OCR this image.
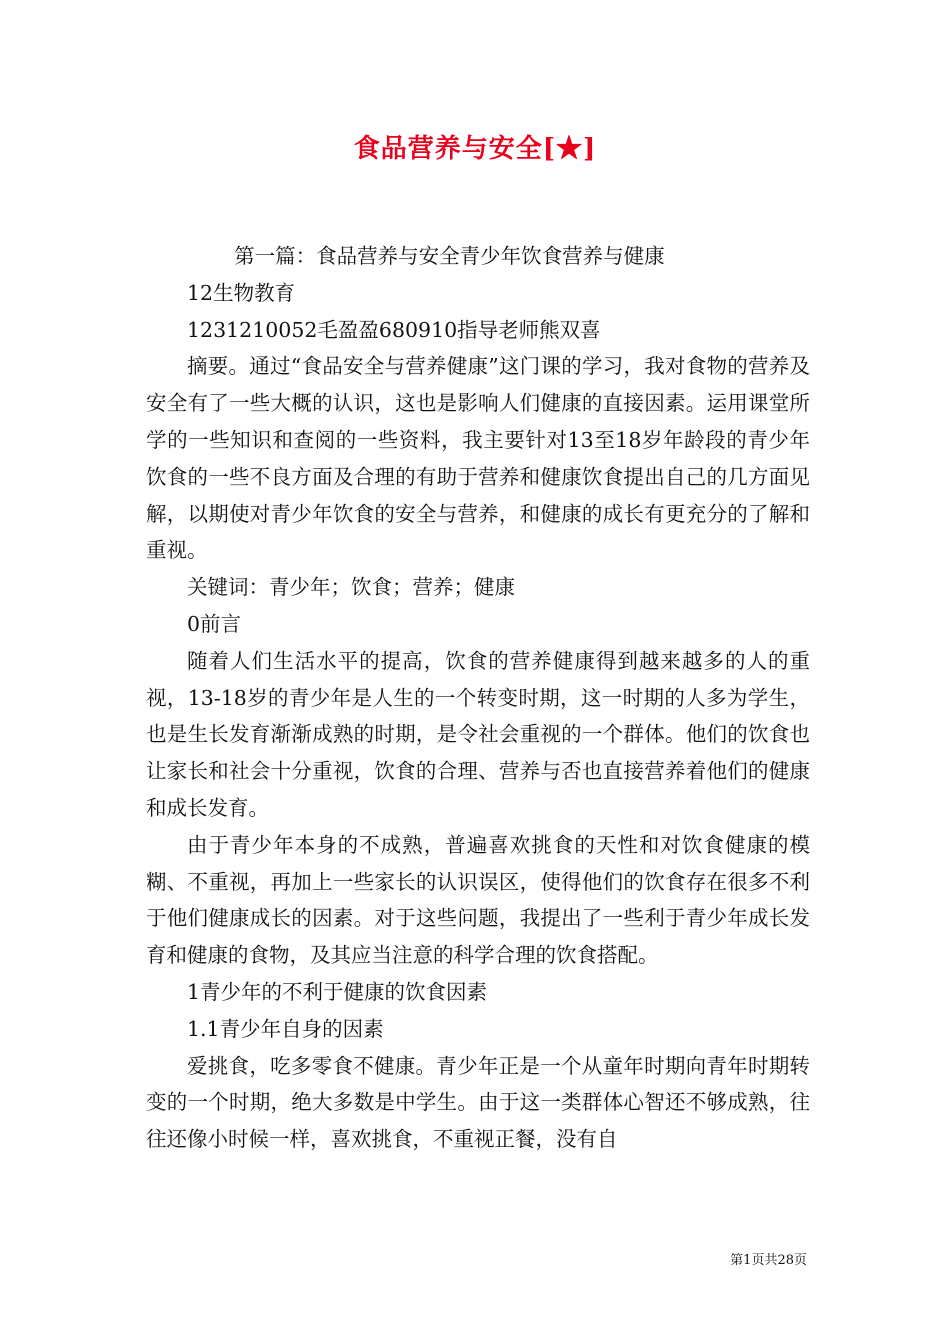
食品营养与安全[★]

第一篇：食品营养与安全青少年饮食营养与健康

12生物教育

1231210052毛盈盈680910指导老师熊双喜

摘要。通过“食品安全与营养健康”这门课的学习，我对食物的营养及安全有了一些大概的认识，这也是影响人们健康的直接因素。运用课堂所学的一些知识和查阅的一些资料，我主要针对13至18岁年龄段的青少年饮食的一些不良方面及合理的有助于营养和健康饮食提出自己的几方面见解，以期使对青少年饮食的安全与营养，和健康的成长有更充分的了解和重视。

关键词：青少年；饮食；营养；健康

0前言

随着人们生活水平的提高，饮食的营养健康得到越来越多的人的重视，13-18岁的青少年是人生的一个转变时期，这一时期的人多为学生，也是生长发育渐渐成熟的时期，是令社会重视的一个群体。他们的饮食也让家长和社会十分重视，饮食的合理、营养与否也直接营养着他们的健康和成长发育。

由于青少年本身的不成熟，普遍喜欢挑食的天性和对饮食健康的模糊、不重视，再加上一些家长的认识误区，使得他们的饮食存在很多不利于他们健康成长的因素。对于这些问题，我提出了一些利于青少年成长发育和健康的食物，及其应当注意的科学合理的饮食搭配。

1青少年的不利于健康的饮食因素

1.1青少年自身的因素

爱挑食，吃多零食不健康。青少年正是一个从童年时期向青年时期转变的一个时期，绝大多数是中学生。由于这一类群体心智还不够成熟，往往还像小时候一样，喜欢挑食，不重视正餐，没有自

第1页共28页
